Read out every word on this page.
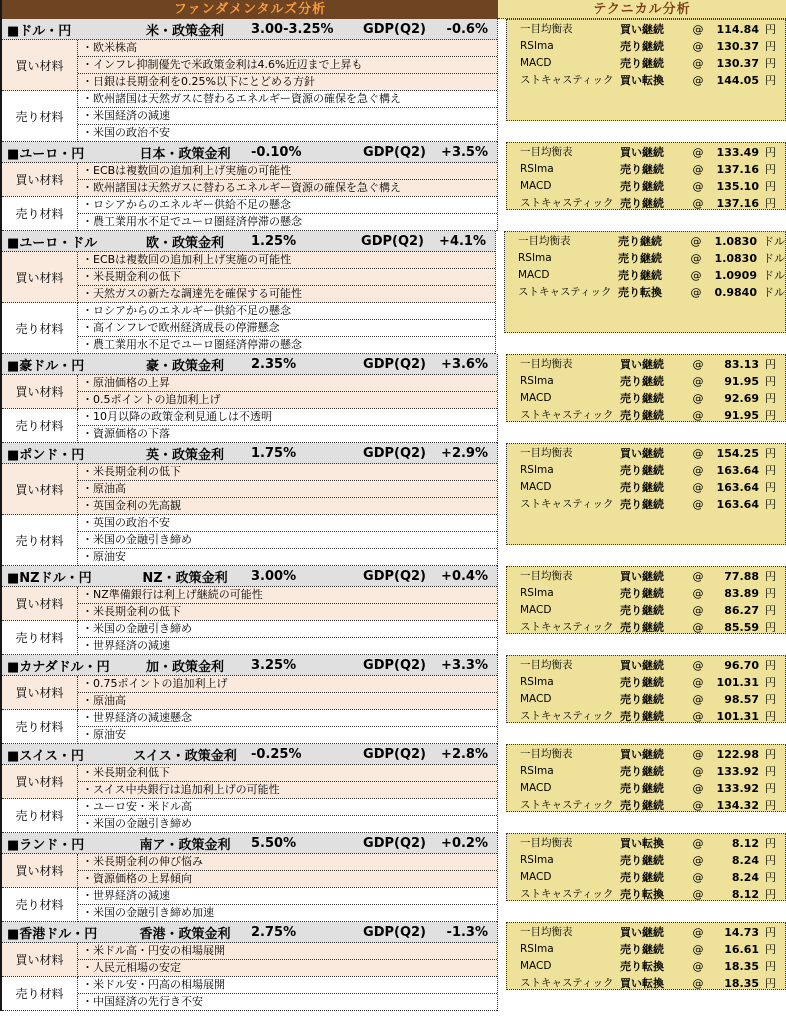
ファンダメンタルズ分析	テクニカル分析
■ドル・円	米・政策金利	3.00-3.25%	GDP(Q2)	-0.6%
買い材料
・欧米株高
・インフレ抑制優先で米政策金利は4.6%近辺まで上昇も
・日銀は長期金利を0.25%以下にとどめる方針
売り材料
・欧州諸国は天然ガスに替わるエネルギー資源の確保を急ぐ構え
・米国経済の減速
・米国の政治不安
一目均衡表	買い継続	@	114.84 円
RSIma	売り継続	@	130.37 円
MACD	売り継続	@	130.37 円
ストキャスティック 買い転換	@	144.05 円
■ユーロ・円	日本・政策金利	-0.10%	GDP(Q2)	+3.5%
買い材料
・ECBは複数回の追加利上げ実施の可能性
・欧州諸国は天然ガスに替わるエネルギー資源の確保を急ぐ構え
売り材料
・ロシアからのエネルギー供給不足の懸念
・農工業用水不足でユーロ圏経済停滞の懸念
一目均衡表	買い継続	@	133.49 円
RSIma	売り継続	@	137.16 円
MACD	売り継続	@	135.10 円
ストキャスティック 売り継続	@	137.16 円
■ユーロ・ドル	欧・政策金利	1.25%	GDP(Q2)	+4.1%
買い材料
・ECBは複数回の追加利上げ実施の可能性
・米長期金利の低下
・天然ガスの新たな調達先を確保する可能性
売り材料
・ロシアからのエネルギー供給不足の懸念
・高インフレで欧州経済成長の停滞懸念
・農工業用水不足でユーロ圏経済停滞の懸念
一目均衡表	売り継続	@	1.0830 ドル
RSIma	売り継続	@	1.0830 ドル
MACD	売り継続	@	1.0909 ドル
ストキャスティック 売り転換	@	0.9840 ドル
■豪ドル・円	豪・政策金利	2.35%	GDP(Q2)	+3.6%
買い材料
・原油価格の上昇
・0.5ポイントの追加利上げ
売り材料
・10月以降の政策金利見通しは不透明
・資源価格の下落
一目均衡表	買い継続	@	83.13 円
RSIma	売り継続	@	91.95 円
MACD	売り継続	@	92.69 円
ストキャスティック 売り継続	@	91.95 円
■ポンド・円	英・政策金利	1.75%	GDP(Q2)	+2.9%
買い材料
・米長期金利の低下
・原油高
・英国金利の先高観
売り材料
・英国の政治不安
・米国の金融引き締め
・原油安
一目均衡表	買い継続	@	154.25 円
RSIma	売り継続	@	163.64 円
MACD	売り継続	@	163.64 円
ストキャスティック 売り継続	@	163.64 円
■NZドル・円	NZ・政策金利	3.00%	GDP(Q2)	+0.4%
買い材料
・NZ準備銀行は利上げ継続の可能性
・米長期金利の低下
売り材料
・米国の金融引き締め
・世界経済の減速
一目均衡表	買い継続	@	77.88 円
RSIma	売り継続	@	83.89 円
MACD	売り継続	@	86.27 円
ストキャスティック 売り継続	@	85.59 円
■カナダドル・円	加・政策金利	3.25%	GDP(Q2)	+3.3%
買い材料
・0.75ポイントの追加利上げ
・原油高
売り材料
・世界経済の減速懸念
・原油安
一目均衡表	買い継続	@	96.70 円
RSIma	売り継続	@	101.31 円
MACD	売り継続	@	98.57 円
ストキャスティック 売り継続	@	101.31 円
■スイス・円	スイス・政策金利	-0.25%	GDP(Q2)	+2.8%
買い材料
・米長期金利低下
・スイス中央銀行は追加利上げの可能性
売り材料
・ユーロ安・米ドル高
・米国の金融引き締め
一目均衡表	買い継続	@	122.98 円
RSIma	売り継続	@	133.92 円
MACD	売り継続	@	133.92 円
ストキャスティック 売り継続	@	134.32 円
■ランド・円	南ア・政策金利	5.50%	GDP(Q2)	+0.2%
買い材料
・米長期金利の伸び悩み
・資源価格の上昇傾向
売り材料
・世界経済の減速
・米国の金融引き締め加速
一目均衡表	買い転換	@	8.12 円
RSIma	売り継続	@	8.24 円
MACD	売り継続	@	8.24 円
ストキャスティック 売り転換	@	8.12 円
■香港ドル・円	香港・政策金利	2.75%	GDP(Q2)	-1.3%
買い材料
・米ドル高・円安の相場展開
・人民元相場の安定
売り材料
・米ドル安・円高の相場展開
・中国経済の先行き不安
一目均衡表	買い継続	@	14.73 円
RSIma	売り継続	@	16.61 円
MACD	売り転換	@	18.35 円
ストキャスティック 買い転換	@	18.35 円
